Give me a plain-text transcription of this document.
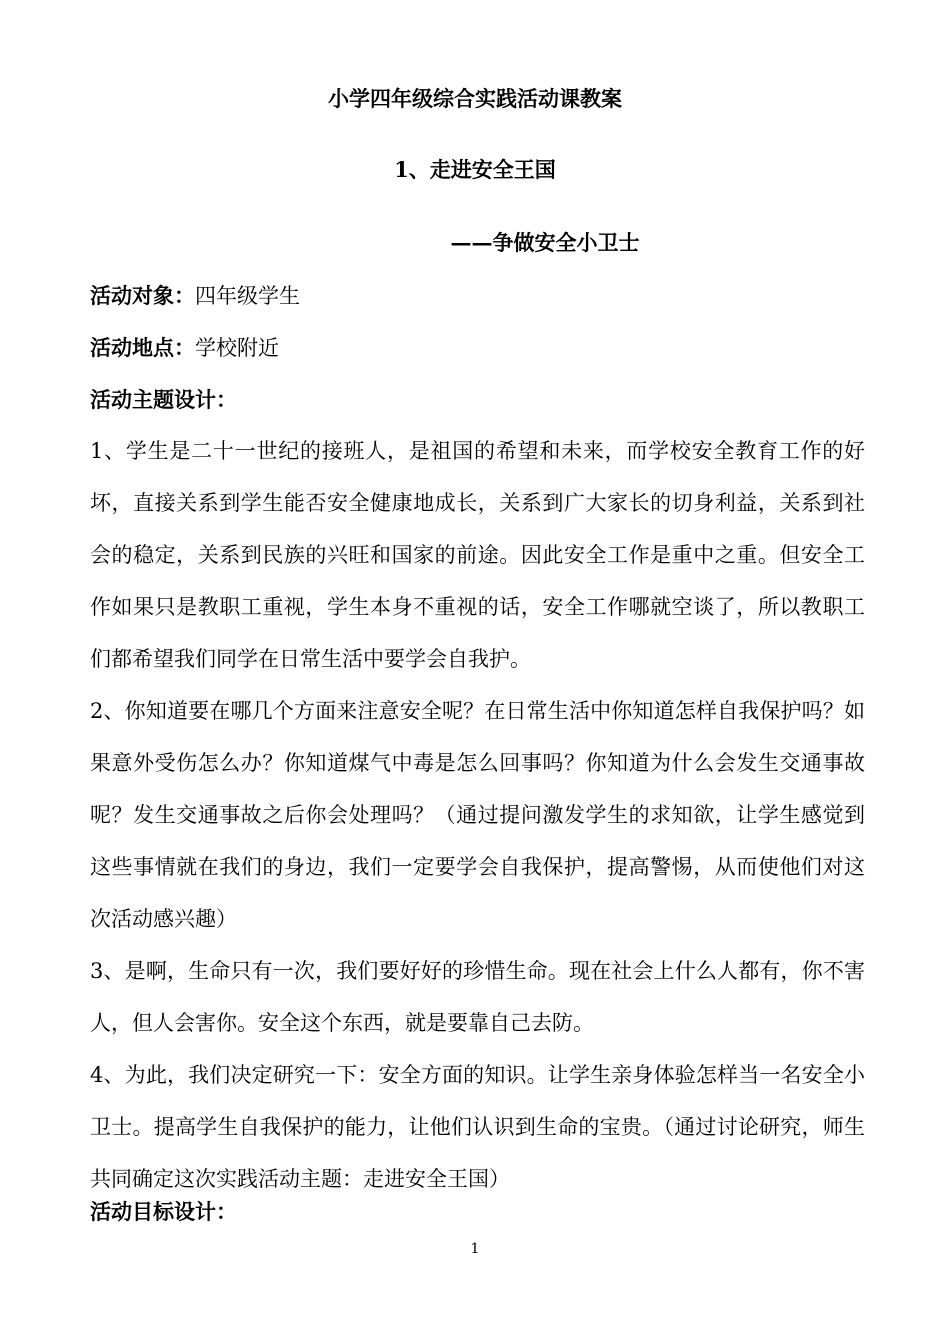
小学四年级综合实践活动课教案
1、走进安全王国
——争做安全小卫士
活动对象：四年级学生
活动地点：学校附近
活动主题设计：

1、学生是二十一世纪的接班人，是祖国的希望和未来，而学校安全教育工作的好坏，直接关系到学生能否安全健康地成长，关系到广大家长的切身利益，关系到社会的稳定，关系到民族的兴旺和国家的前途。因此安全工作是重中之重。但安全工作如果只是教职工重视，学生本身不重视的话，安全工作哪就空谈了，所以教职工们都希望我们同学在日常生活中要学会自我护。

2、你知道要在哪几个方面来注意安全呢？在日常生活中你知道怎样自我保护吗？如果意外受伤怎么办？你知道煤气中毒是怎么回事吗？你知道为什么会发生交通事故呢？发生交通事故之后你会处理吗？（通过提问激发学生的求知欲，让学生感觉到这些事情就在我们的身边，我们一定要学会自我保护，提高警惕，从而使他们对这次活动感兴趣）

3、是啊，生命只有一次，我们要好好的珍惜生命。现在社会上什么人都有，你不害人，但人会害你。安全这个东西，就是要靠自己去防。

4、为此，我们决定研究一下：安全方面的知识。让学生亲身体验怎样当一名安全小卫士。提高学生自我保护的能力，让他们认识到生命的宝贵。（通过讨论研究，师生共同确定这次实践活动主题：走进安全王国）

活动目标设计：
1
